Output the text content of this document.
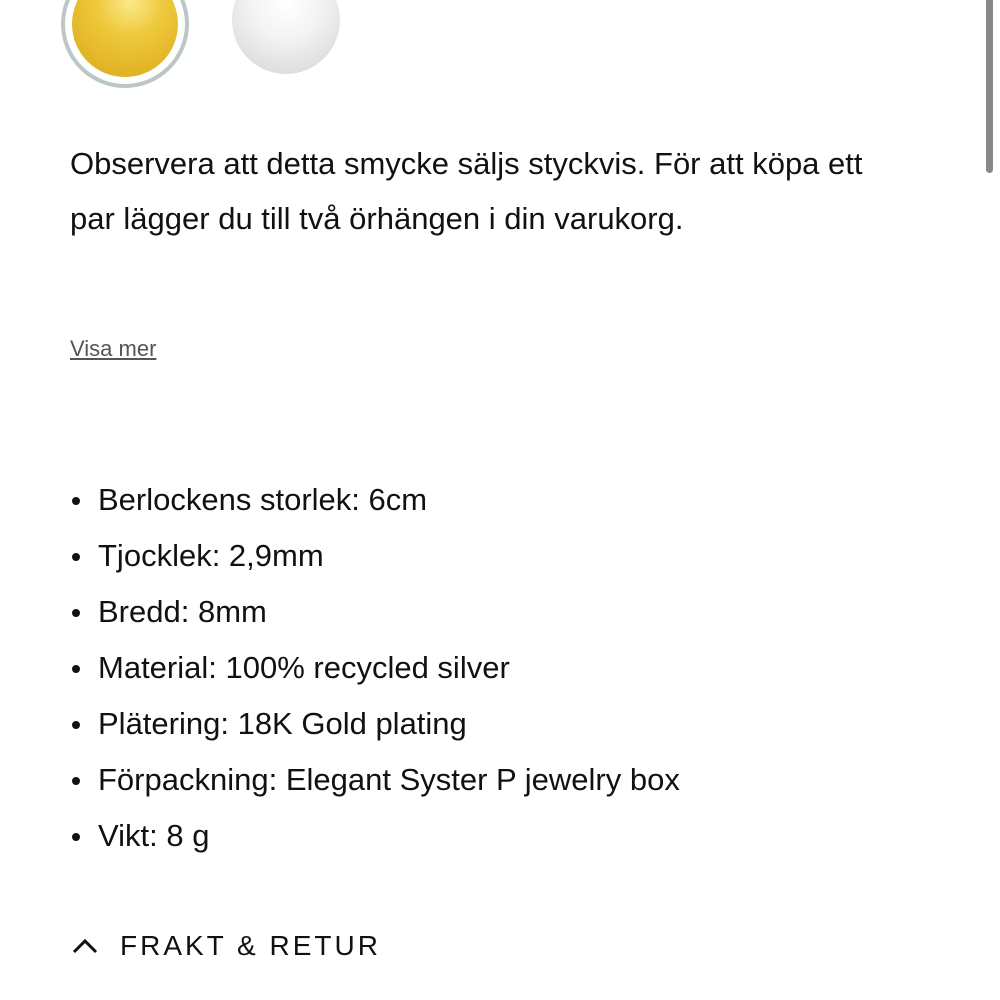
Observera att detta smycke säljs styckvis. För att köpa ett par lägger du till två örhängen i din varukorg.
Visa mer
Berlockens storlek: 6cm
Tjocklek: 2,9mm
Bredd: 8mm
Material: 100% recycled silver
Plätering: 18K Gold plating
Förpackning: Elegant Syster P jewelry box
Vikt: 8 g
FRAKT & RETUR
